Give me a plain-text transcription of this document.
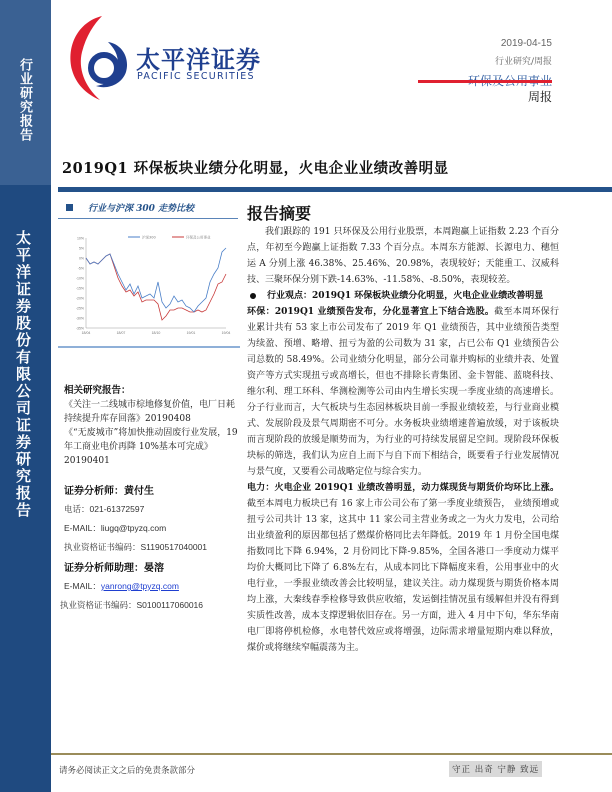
行业研究报告
太平洋证券股份有限公司证券研究报告
太平洋证券
PACIFIC SECURITIES
2019-04-15
行业研究/周报
周报
2019Q1 环保板块业绩分化明显，火电企业业绩改善明显
行业与沪深 300 走势比较
10%
5%
0%
-5%
-10%
-15%
-20%
-25%
-30%
-35%
18/04	18/07	18/10	19/01	19/04
沪深300	环保及公用事业
相关研究报告：
《关注一二线城市棕地修复价值，电厂日耗持续提升库存回落》20190408
《“无废城市”将加快推动固废行业发展，19 年工商业电价再降 10%基本可完成》20190401
证券分析师：黄付生
电话：021-61372597
E-MAIL：liugq@tpyzq.com
执业资格证书编码：S1190517040001
证券分析师助理：晏溶
E-MAIL：yanrong@tpyzq.com
执业资格证书编码：S0100117060016
报告摘要

我们跟踪的 191 只环保及公用行业股票，本周跑赢上证指数 2.23 个百分点，年初至今跑赢上证指数 7.33 个百分点。本周东方能源、长源电力、穗恒运 A 分别上涨 46.38%、25.46%、20.98%，表现较好；天能重工、汉威科技、三聚环保分别下跌-14.63%、-11.58%、-8.50%，表现较差。

行业观点：2019Q1 环保板块业绩分化明显，火电企业业绩改善明显

环保：2019Q1 业绩预告发布，分化显著宜上下结合选股。截至本周环保行业累计共有 53 家上市公司发布了 2019 年 Q1 业绩预告，其中业绩预告类型为续盈、预增、略增、扭亏为盈的公司数为 31 家，占已公布 Q1 业绩预告公司总数的 58.49%。公司业绩分化明显，部分公司靠并购标的业绩并表、处置资产等方式实现扭亏或高增长，但也不排除长青集团、金卡智能、蓝晓科技、维尔利、理工环科、华测检测等公司由内生增长实现一季度业绩的高速增长。分子行业而言，大气板块与生态园林板块目前一季报业绩较差，与行业商业模式、发展阶段及景气周期密不可分。水务板块业绩增速普遍放缓，对于该板块而言现阶段的放缓是顺势而为，为行业的可持续发展留足空间。现阶段环保板块标的筛选，我们认为应自上而下与自下而下相结合，既要看子行业发展情况与景气度，又要看公司战略定位与综合实力。

电力：火电企业 2019Q1 业绩改善明显，动力煤现货与期货价均环比上涨。截至本周电力板块已有 16 家上市公司公布了第一季度业绩预告， 业绩预增或扭亏公司共计 13 家，这其中 11 家公司主营业务或之一为火力发电，公司给出业绩盈利的原因都包括了燃煤价格同比去年降低。2019 年 1 月份全国电煤指数同比下降 6.94%，2 月份同比下降-9.85%，全国各港口一季度动力煤平均价大概同比下降了 6.8%左右，从成本同比下降幅度来看，公用事业中的火电行业，一季报业绩改善会比较明显，建议关注。动力煤现货与期货价格本周均上涨，大秦线春季检修导致供应收缩，发运倒挂情况虽有缓解但并没有得到实质性改善，成本支撑逻辑依旧存在。另一方面，进入 4 月中下旬，华东华南电厂即将停机检修，水电替代效应或将增强，边际需求增量短期内难以释放，煤价或将继续窄幅震荡为主。

请务必阅读正文之后的免责条款部分	守正 出奇 宁静 致远
